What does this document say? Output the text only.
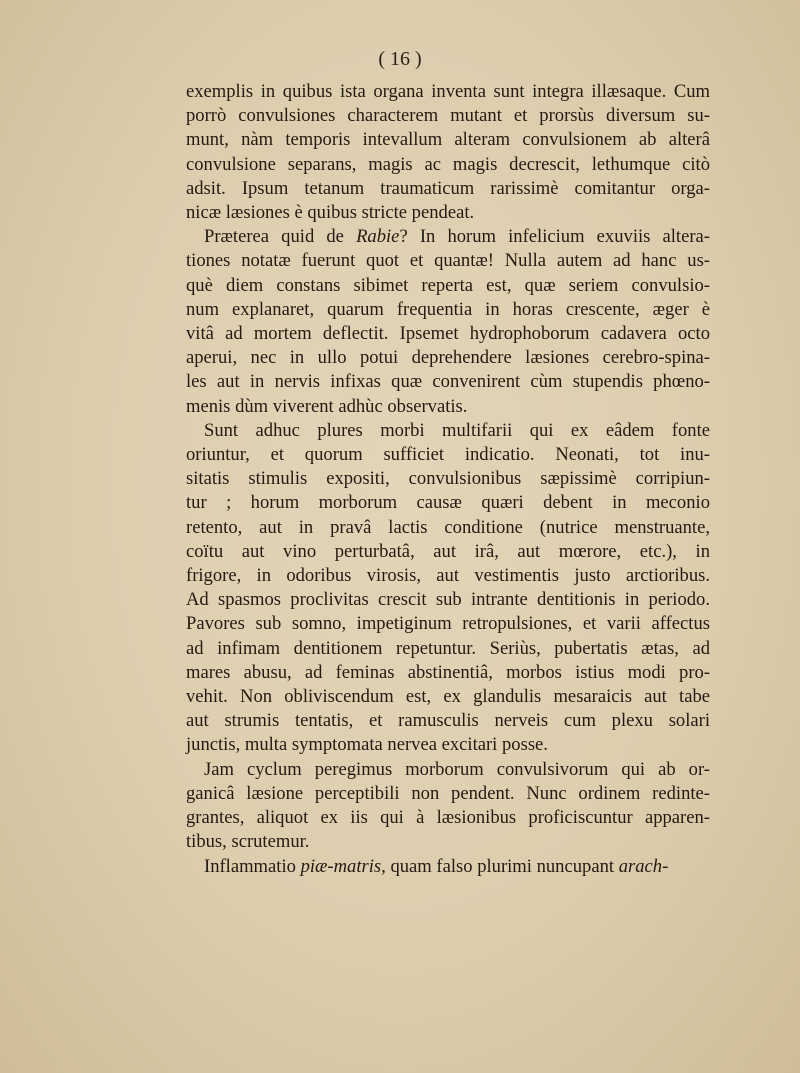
( 16 )
exemplis in quibus ista organa inventa sunt integra illæsaque. Cum
porrò convulsiones characterem mutant et prorsùs diversum su-
munt, nàm temporis intevallum alteram convulsionem ab alterâ
convulsione separans, magis ac magis decrescit, lethumque citò
adsit. Ipsum tetanum traumaticum rarissimè comitantur orga-
nicæ læsiones è quibus stricte pendeat.
Præterea quid de Rabie? In horum infelicium exuviis altera-
tiones notatæ fuerunt quot et quantæ! Nulla autem ad hanc us-
què diem constans sibimet reperta est, quæ seriem convulsio-
num explanaret, quarum frequentia in horas crescente, æger è
vitâ ad mortem deflectit. Ipsemet hydrophoborum cadavera octo
aperui, nec in ullo potui deprehendere læsiones cerebro-spina-
les aut in nervis infixas quæ convenirent cùm stupendis phœno-
menis dùm viverent adhùc observatis.
Sunt adhuc plures morbi multifarii qui ex eâdem fonte
oriuntur, et quorum sufficiet indicatio. Neonati, tot inu-
sitatis stimulis expositi, convulsionibus sæpissimè corripiun-
tur ; horum morborum causæ quæri debent in meconio
retento, aut in pravâ lactis conditione (nutrice menstruante,
coïtu aut vino perturbatâ, aut irâ, aut mœrore, etc.), in
frigore, in odoribus virosis, aut vestimentis justo arctioribus.
Ad spasmos proclivitas crescit sub intrante dentitionis in periodo.
Pavores sub somno, impetiginum retropulsiones, et varii affectus
ad infimam dentitionem repetuntur. Seriùs, pubertatis ætas, ad
mares abusu, ad feminas abstinentiâ, morbos istius modi pro-
vehit. Non obliviscendum est, ex glandulis mesaraicis aut tabe
aut strumis tentatis, et ramusculis nerveis cum plexu solari
junctis, multa symptomata nervea excitari posse.
Jam cyclum peregimus morborum convulsivorum qui ab or-
ganicâ læsione perceptibili non pendent. Nunc ordinem redinte-
grantes, aliquot ex iis qui à læsionibus proficiscuntur apparen-
tibus, scrutemur.
Inflammatio piæ-matris, quam falso plurimi nuncupant arach-
